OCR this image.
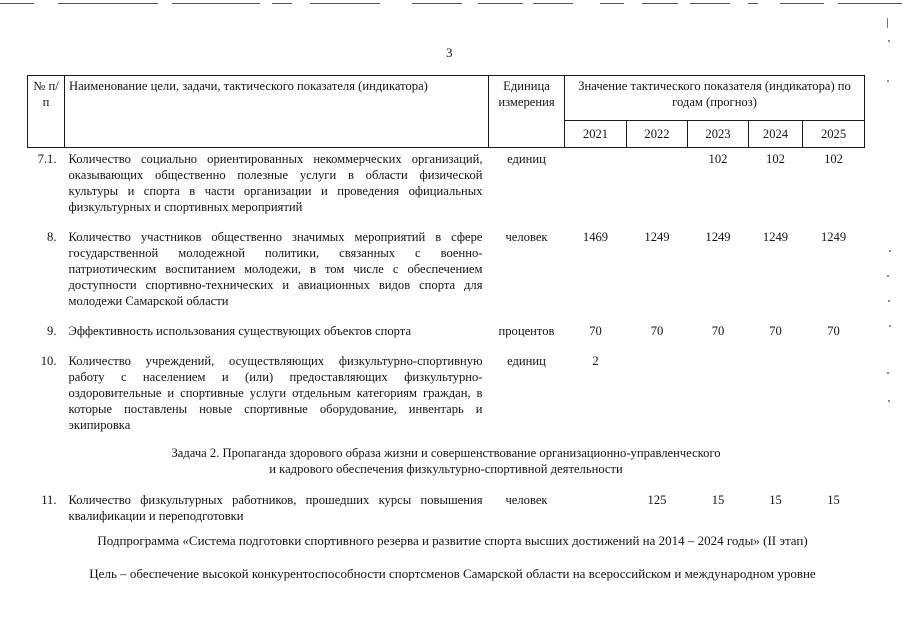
3
№ п/п	Наименование цели, задачи, тактического показателя (индикатора)	Единица измерения	Значение тактического показателя (индикатора) по годам (прогноз)				
			2021	2022	2023	2024	2025
7.1.	Количество социально ориентированных некоммерческих организаций, оказывающих общественно полезные услуги в области физической культуры и спорта в части организации и проведения официальных физкультурных и спортивных мероприятий	единиц			102	102	102
8.	Количество участников общественно значимых мероприятий в сфере государственной молодежной политики, связанных с военно-патриотическим воспитанием молодежи, в том числе с обеспечением доступности спортивно-технических и авиационных видов спорта для молодежи Самарской области	человек	1469	1249	1249	1249	1249
9.	Эффективность использования существующих объектов спорта	процентов	70	70	70	70	70
10.	Количество учреждений, осуществляющих физкультурно-спортивную работу с населением и (или) предоставляющих физкультурно-оздоровительные и спортивные услуги отдельным категориям граждан, в которые поставлены новые спортивные оборудование, инвентарь и экипировка	единиц	2				

Задача 2. Пропаганда здорового образа жизни и совершенствование организационно-управленческого
и кадрового обеспечения физкультурно-спортивной деятельности							

11.	Количество физкультурных работников, прошедших курсы повышения квалификации и переподготовки	человек		125	15	15	15
Подпрограмма «Система подготовки спортивного резерва и развитие спорта высших достижений на 2014 – 2024 годы» (II этап)
Цель – обеспечение высокой конкурентоспособности спортсменов Самарской области на всероссийском и международном уровне
